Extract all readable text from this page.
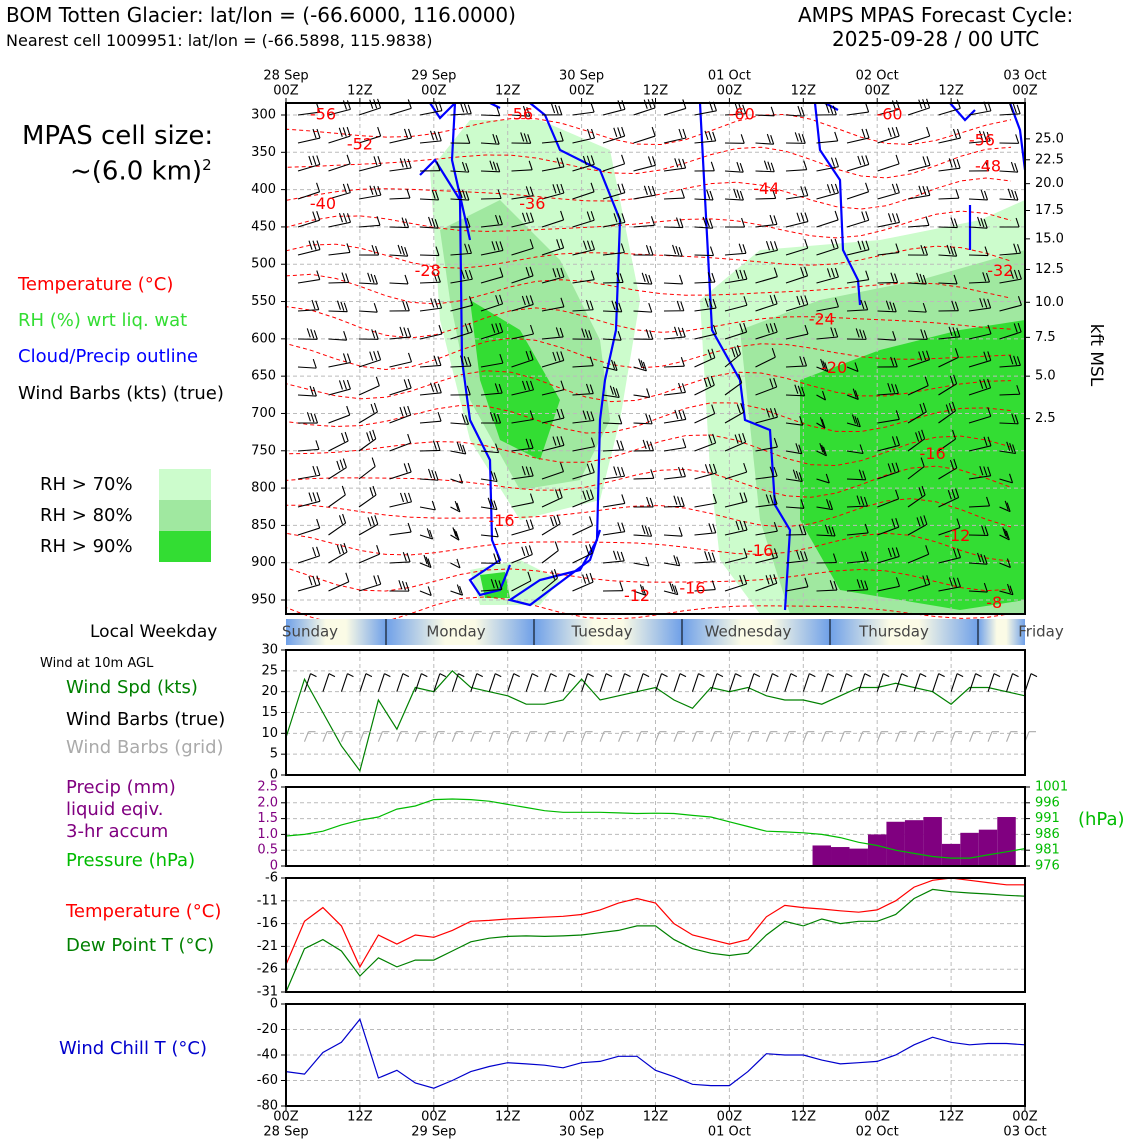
BOM Totten Glacier: lat/lon = (-66.6000, 116.0000)
Nearest cell 1009951: lat/lon = (-66.5898, 115.9838)
AMPS MPAS Forecast Cycle:
2025-09-28 / 00 UTC
MPAS cell size:
~(6.0 km)$^2$
Temperature (°C)
RH (%) wrt liq. wat
Cloud/Precip outline
Wind Barbs (kts) (true)
RH > 70%
RH > 80%
RH > 90%
Local Weekday
Wind at 10m AGL
Wind Spd (kts)
Wind Barbs (true)
Wind Barbs (grid)
Precip (mm)
liquid eqiv.
3-hr accum
Pressure (hPa)
Temperature (°C)
Dew Point T (°C)
Wind Chill T (°C)
-56
-52
-40
-28
-56
-36
-60
-44
-60
-56
-48
-32
-24
-20
-16
-16
-12 -16
-16
-12
-8
300
350
400
450
500
550
600
650
700
750
800
850
900
950
25.0
22.5
20.0
17.5
15.0
12.5
10.0
7.5
5.0
2.5
kft MSL
28 Sep
00Z	12Z
29 Sep
00Z	12Z
30 Sep
00Z	12Z
01 Oct
00Z	12Z
02 Oct
00Z	12Z
03 Oct
00Z
Sunday	Monday	Tuesday	Wednesday	Thursday	Friday
0
5
10
15
20
25
30
0
0.5
1.0
1.5
2.0
2.5
976
981
986
991
996
1001
(hPa)
-31
-26
-21
-16
-11
-6
0
-20
-40
-60
-80
00Z
28 Sep
12Z	00Z
29 Sep
12Z	00Z
30 Sep
12Z	00Z
01 Oct
12Z	00Z
02 Oct
12Z	00Z
03 Oct
